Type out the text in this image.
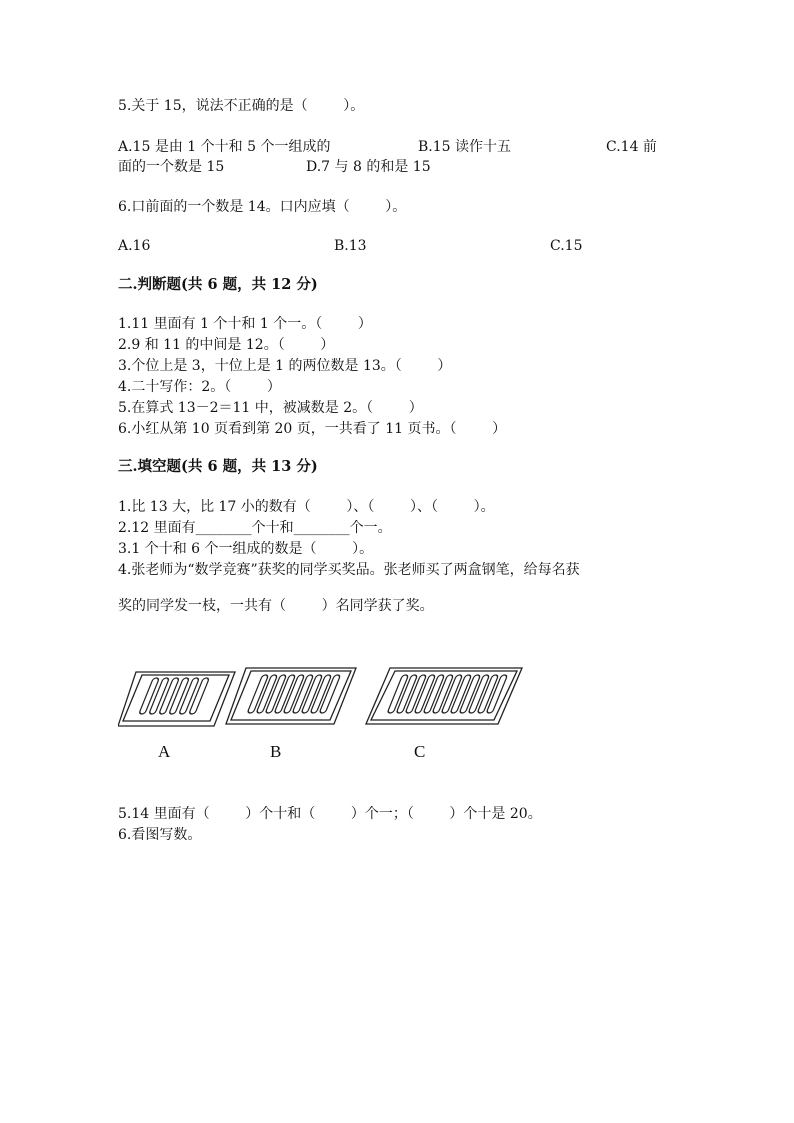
5.关于 15，说法不正确的是（        ）。
A.15 是由 1 个十和 5 个一组成的	B.15 读作十五	C.14 前
面的一个数是 15	D.7 与 8 的和是 15
6.口前面的一个数是 14。口内应填（        ）。
A.16	B.13	C.15
二.判断题(共 6 题，共 12 分)
1.11 里面有 1 个十和 1 个一。（        ）
2.9 和 11 的中间是 12。（        ）
3.个位上是 3，十位上是 1 的两位数是 13。（        ）
4.二十写作：2。（        ）
5.在算式 13－2＝11 中，被减数是 2。（        ）
6.小红从第 10 页看到第 20 页，一共看了 11 页书。（        ）
三.填空题(共 6 题，共 13 分)
1.比 13 大，比 17 小的数有（        ）、（        ）、（        ）。
2.12 里面有________个十和________个一。
3.1 个十和 6 个一组成的数是（        ）。
4.张老师为“数学竞赛”获奖的同学买奖品。张老师买了两盒钢笔，给每名获
奖的同学发一枝，一共有（        ）名同学获了奖。
A	B	C
5.14 里面有（        ）个十和（        ）个一；（        ）个十是 20。
6.看图写数。
